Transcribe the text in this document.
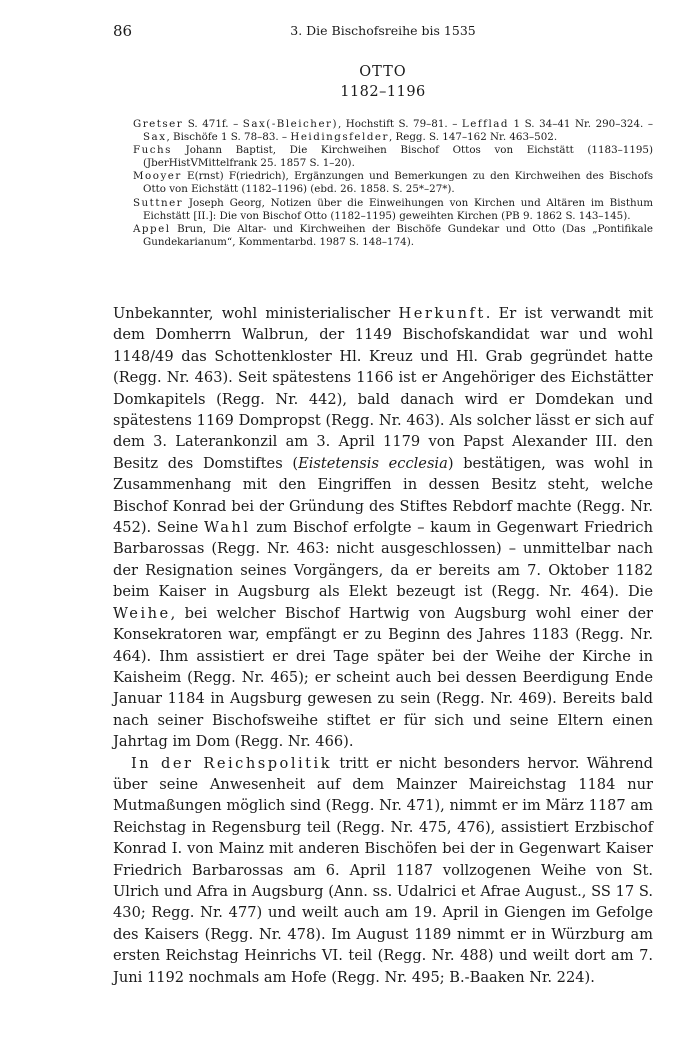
86	3. Die Bischofsreihe bis 1535
OTTO
1182–1196
Gretser S. 471f. – Sax(-Bleicher), Hochstift S. 79–81. – Lefflad 1 S. 34–41 Nr. 290–324. – Sax, Bischöfe 1 S. 78–83. – Heidingsfelder, Regg. S. 147–162 Nr. 463–502.
Fuchs Johann Baptist, Die Kirchweihen Bischof Ottos von Eichstätt (1183–1195) (JberHistVMittelfrank 25. 1857 S. 1–20).
Mooyer E(rnst) F(riedrich), Ergänzungen und Bemerkungen zu den Kirchweihen des Bischofs Otto von Eichstätt (1182–1196) (ebd. 26. 1858. S. 25*–27*).
Suttner Joseph Georg, Notizen über die Einweihungen von Kirchen und Altären im Bisthum Eichstätt [II.]: Die von Bischof Otto (1182–1195) geweihten Kirchen (PB 9. 1862 S. 143–145).
Appel Brun, Die Altar- und Kirchweihen der Bischöfe Gundekar und Otto (Das „Pontifikale Gundekarianum“, Kommentarbd. 1987 S. 148–174).

Unbekannter, wohl ministerialischer Herkunft. Er ist verwandt mit dem Domherrn Walbrun, der 1149 Bischofskandidat war und wohl 1148/49 das Schottenkloster Hl. Kreuz und Hl. Grab gegründet hatte (Regg. Nr. 463). Seit spätestens 1166 ist er Angehöriger des Eichstätter Domkapitels (Regg. Nr. 442), bald danach wird er Domdekan und spätestens 1169 Dompropst (Regg. Nr. 463). Als solcher lässt er sich auf dem 3. Laterankonzil am 3. April 1179 von Papst Alexander III. den Besitz des Domstiftes (Eistetensis ecclesia) bestätigen, was wohl in Zusammenhang mit den Eingriffen in dessen Besitz steht, welche Bischof Konrad bei der Gründung des Stiftes Rebdorf machte (Regg. Nr. 452). Seine Wahl zum Bischof erfolgte – kaum in Gegenwart Friedrich Barbarossas (Regg. Nr. 463: nicht ausgeschlossen) – unmittelbar nach der Resignation seines Vorgängers, da er bereits am 7. Oktober 1182 beim Kaiser in Augsburg als Elekt bezeugt ist (Regg. Nr. 464). Die Weihe, bei welcher Bischof Hartwig von Augsburg wohl einer der Konsekratoren war, empfängt er zu Beginn des Jahres 1183 (Regg. Nr. 464). Ihm assistiert er drei Tage später bei der Weihe der Kirche in Kaisheim (Regg. Nr. 465); er scheint auch bei dessen Beerdigung Ende Januar 1184 in Augsburg gewesen zu sein (Regg. Nr. 469). Bereits bald nach seiner Bischofsweihe stiftet er für sich und seine Eltern einen Jahrtag im Dom (Regg. Nr. 466).

In der Reichspolitik tritt er nicht besonders hervor. Während über seine Anwesenheit auf dem Mainzer Maireichstag 1184 nur Mutmaßungen möglich sind (Regg. Nr. 471), nimmt er im März 1187 am Reichstag in Regensburg teil (Regg. Nr. 475, 476), assistiert Erzbischof Konrad I. von Mainz mit anderen Bischöfen bei der in Gegenwart Kaiser Friedrich Barbarossas am 6. April 1187 vollzogenen Weihe von St. Ulrich und Afra in Augsburg (Ann. ss. Udalrici et Afrae August., SS 17 S. 430; Regg. Nr. 477) und weilt auch am 19. April in Giengen im Gefolge des Kaisers (Regg. Nr. 478). Im August 1189 nimmt er in Würzburg am ersten Reichstag Heinrichs VI. teil (Regg. Nr. 488) und weilt dort am 7. Juni 1192 nochmals am Hofe (Regg. Nr. 495; B.-Baaken Nr. 224).
